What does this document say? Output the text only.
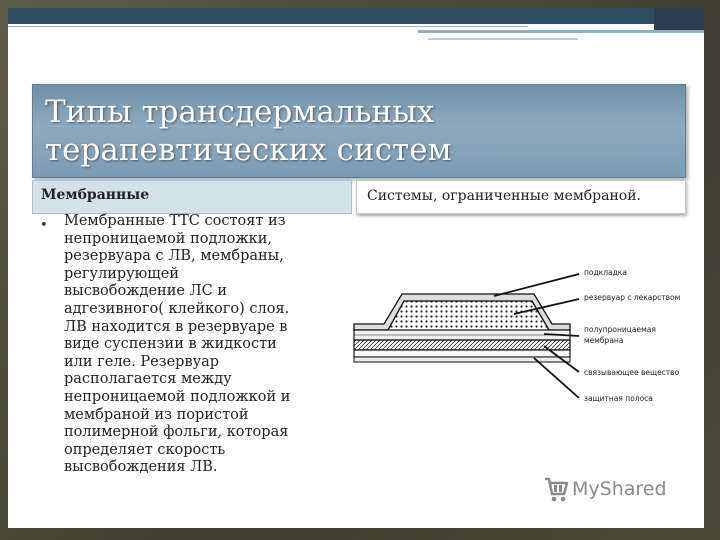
Типы трансдермальных
терапевтических систем
Мембранные	Системы, ограниченные мембраной.
• Мембранные ТТС состоят из
непроницаемой подложки,
резервуара с ЛВ, мембраны,
регулирующей
высвобождение ЛС и
адгезивного( клейкого) слоя.
ЛВ находится в резервуаре в
виде суспензии в жидкости
или геле. Резервуар
располагается между
непроницаемой подложкой и
мембраной из пористой
полимерной фольги, которая
определяет скорость
высвобождения ЛВ.
подкладка
резервуар с лекарством
полупроницаемая
мембрана
связывающее вещество
защитная полоса
MyShared
